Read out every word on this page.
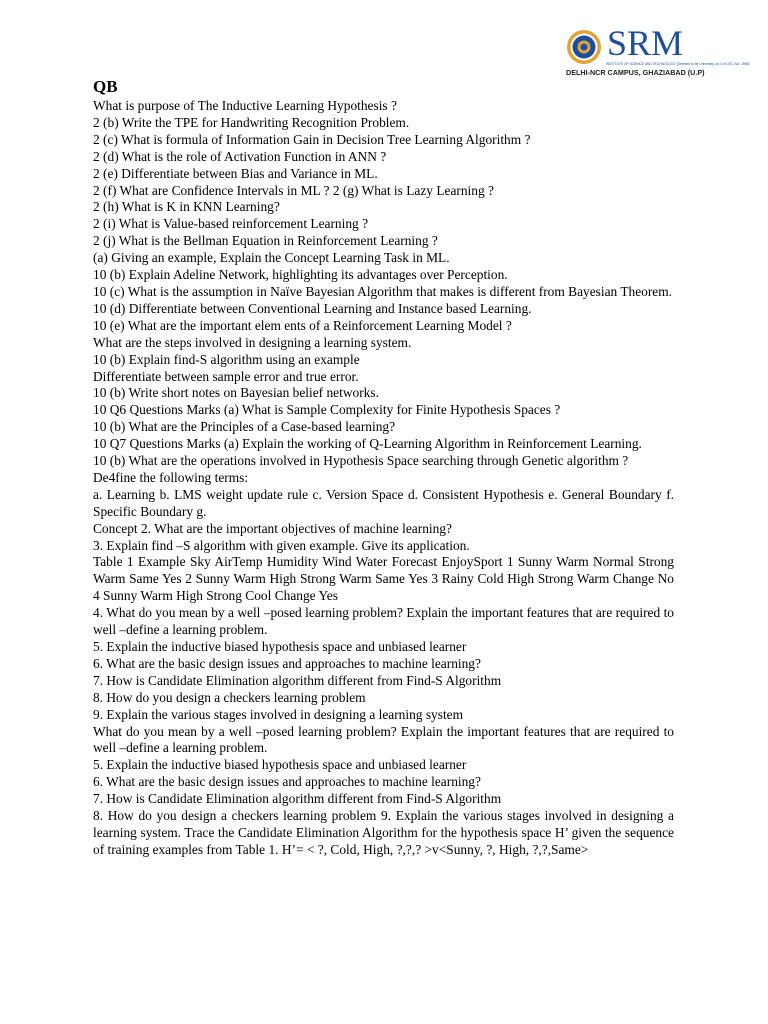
SRM
INSTITUTE OF SCIENCE AND TECHNOLOGY (Deemed to be University u/s 3 of UGC Act, 1956)
DELHI-NCR CAMPUS, GHAZIABAD (U.P)
QB
What is purpose of The Inductive Learning Hypothesis ?
2 (b) Write the TPE for Handwriting Recognition Problem.
2 (c) What is formula of Information Gain in Decision Tree Learning Algorithm ?
2 (d) What is the role of Activation Function in ANN ?
2 (e) Differentiate between Bias and Variance in ML.
2 (f) What are Confidence Intervals in ML ? 2 (g) What is Lazy Learning ?
2 (h) What is K in KNN Learning?
2 (i) What is Value-based reinforcement Learning ?
2 (j) What is the Bellman Equation in Reinforcement Learning ?
(a) Giving an example, Explain the Concept Learning Task in ML.
10 (b) Explain Adeline Network, highlighting its advantages over Perception.
10 (c) What is the assumption in Naïve Bayesian Algorithm that makes is different from Bayesian Theorem.
10 (d) Differentiate between Conventional Learning and Instance based Learning.
10 (e) What are the important elem ents of a Reinforcement Learning Model ?
What are the steps involved in designing a learning system.
10 (b) Explain find-S algorithm using an example
Differentiate between sample error and true error.
10 (b) Write short notes on Bayesian belief networks.
10 Q6 Questions Marks (a) What is Sample Complexity for Finite Hypothesis Spaces ?
10 (b) What are the Principles of a Case-based learning?
10 Q7 Questions Marks (a) Explain the working of Q-Learning Algorithm in Reinforcement Learning.
10 (b) What are the operations involved in Hypothesis Space searching through Genetic algorithm ?
De4fine the following terms:
a. Learning b. LMS weight update rule c. Version Space d. Consistent Hypothesis e. General Boundary f. Specific Boundary g.
Concept 2. What are the important objectives of machine learning?
3. Explain find –S algorithm with given example. Give its application.
Table 1 Example Sky AirTemp Humidity Wind Water Forecast EnjoySport 1 Sunny Warm Normal Strong Warm Same Yes 2 Sunny Warm High Strong Warm Same Yes 3 Rainy Cold High Strong Warm Change No 4 Sunny Warm High Strong Cool Change Yes
4. What do you mean by a well –posed learning problem? Explain the important features that are required to well –define a learning problem.
5. Explain the inductive biased hypothesis space and unbiased learner
6. What are the basic design issues and approaches to machine learning?
7. How is Candidate Elimination algorithm different from Find-S Algorithm
8. How do you design a checkers learning problem
9. Explain the various stages involved in designing a learning system
What do you mean by a well –posed learning problem? Explain the important features that are required to well –define a learning problem.
5. Explain the inductive biased hypothesis space and unbiased learner
6. What are the basic design issues and approaches to machine learning?
7. How is Candidate Elimination algorithm different from Find-S Algorithm
8. How do you design a checkers learning problem 9. Explain the various stages involved in designing a learning system. Trace the Candidate Elimination Algorithm for the hypothesis space H’ given the sequence of training examples from Table 1. H’= < ?, Cold, High, ?,?,? >v<Sunny, ?, High, ?,?,Same>
